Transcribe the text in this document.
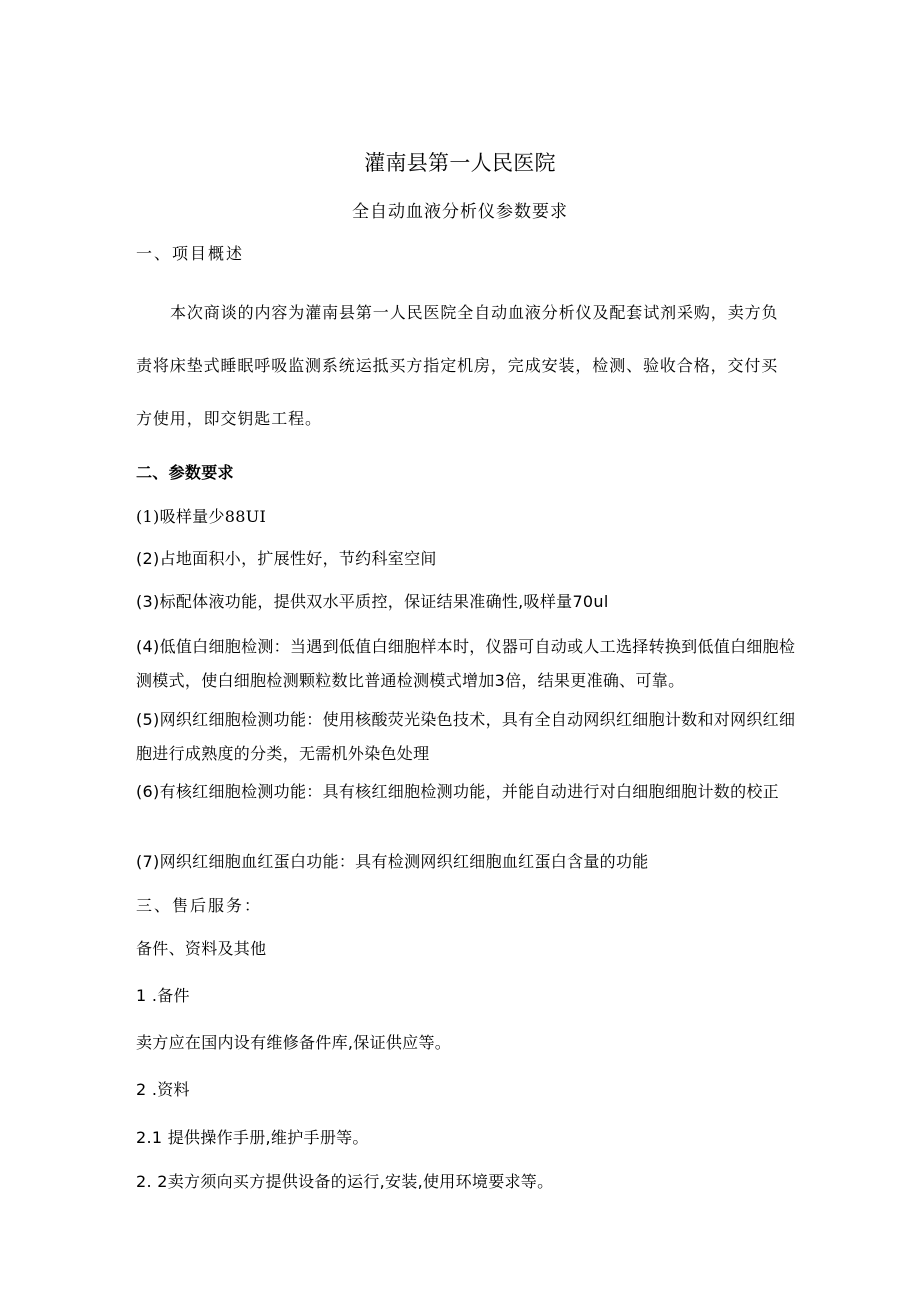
灌南县第一人民医院

全自动血液分析仪参数要求

一、项目概述

本次商谈的内容为灌南县第一人民医院全自动血液分析仪及配套试剂采购，卖方负责将床垫式睡眠呼吸监测系统运抵买方指定机房，完成安装，检测、验收合格，交付买方使用，即交钥匙工程。

二、参数要求

(1)吸样量少88UI

(2)占地面积小，扩展性好，节约科室空间

(3)标配体液功能，提供双水平质控，保证结果准确性,吸样量70ul

(4)低值白细胞检测：当遇到低值白细胞样本时，仪器可自动或人工选择转换到低值白细胞检测模式，使白细胞检测颗粒数比普通检测模式增加3倍，结果更准确、可靠。

(5)网织红细胞检测功能：使用核酸荧光染色技术，具有全自动网织红细胞计数和对网织红细胞进行成熟度的分类，无需机外染色处理

(6)有核红细胞检测功能：具有核红细胞检测功能，并能自动进行对白细胞细胞计数的校正

(7)网织红细胞血红蛋白功能：具有检测网织红细胞血红蛋白含量的功能

三、售后服务：

备件、资料及其他

1 .备件

卖方应在国内设有维修备件库,保证供应等。

2 .资料

2.1 提供操作手册,维护手册等。

2. 2卖方须向买方提供设备的运行,安装,使用环境要求等。
